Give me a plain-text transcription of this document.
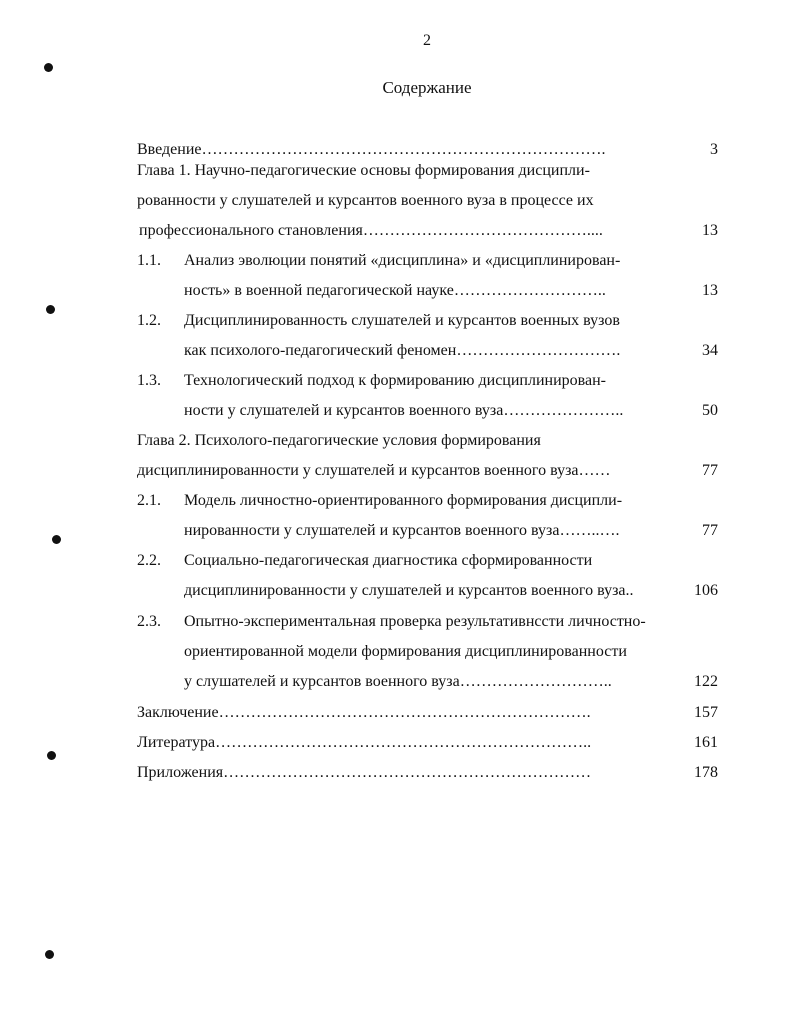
2
Содержание
Введение………………………………………………………………….	3
Глава 1. Научно-педагогические основы формирования дисципли-
рованности у слушателей и курсантов военного вуза в процессе их
профессионального становления……………………………………....	13
1.1. Анализ эволюции понятий «дисциплина» и «дисциплинирован-
ность» в военной педагогической науке………………………..	13
1.2. Дисциплинированность слушателей и курсантов военных вузов
как психолого-педагогический феномен………………………….	34
1.3. Технологический подход к формированию дисциплинирован-
ности у слушателей и курсантов военного вуза…………………..	50
Глава 2. Психолого-педагогические условия формирования
дисциплинированности у слушателей и курсантов военного вуза……	77
2.1. Модель личностно-ориентированного формирования дисципли-
нированности у слушателей и курсантов военного вуза……..….	77
2.2. Социально-педагогическая диагностика сформированности
дисциплинированности у слушателей и курсантов военного вуза..	106
2.3. Опытно-экспериментальная проверка результативнсcти личностно-
ориентированной модели формирования дисциплинированности
у слушателей и курсантов военного вуза………………………..	122
Заключение…………………………………………………………….	157
Литература……………………………………………………………..	161
Приложения……………………………………………………………	178
